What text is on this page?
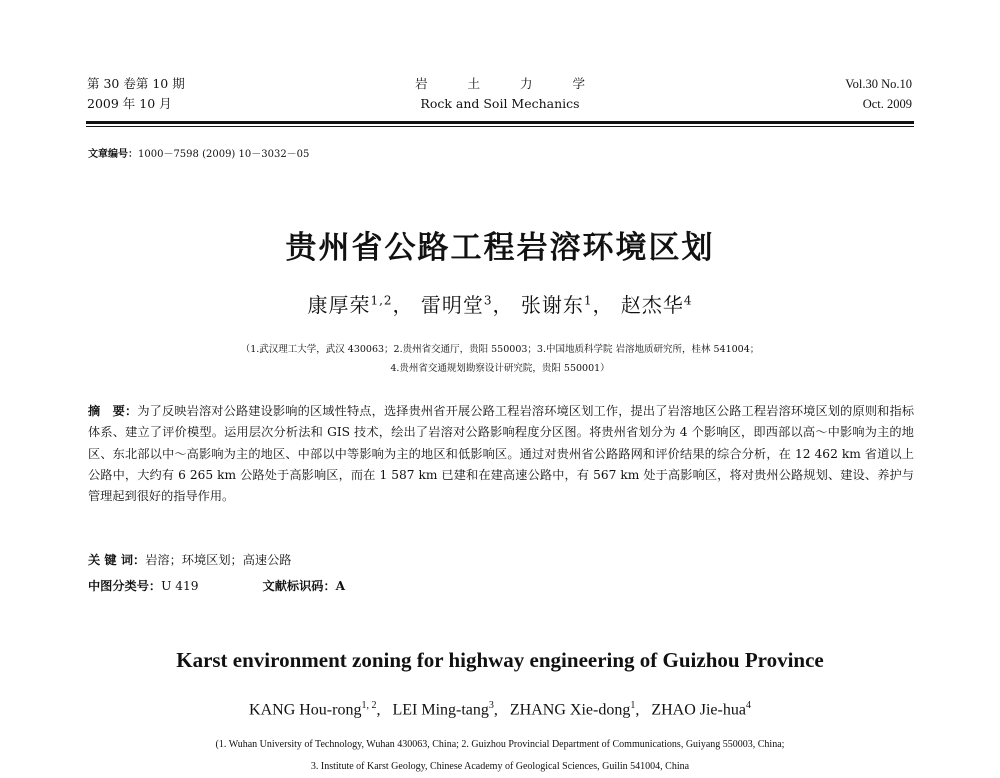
第 30 卷第 10 期
2009 年 10 月
岩 土 力 学
Rock and Soil Mechanics
Vol.30 No.10
Oct. 2009
文章编号：1000－7598 (2009) 10－3032－05
贵州省公路工程岩溶环境区划
康厚荣$^{1,2}$， 雷明堂$^3$， 张谢东$^1$， 赵杰华$^4$
（1.武汉理工大学，武汉 430063；2.贵州省交通厅，贵阳 550003；3.中国地质科学院 岩溶地质研究所，桂林 541004；
4.贵州省交通规划勘察设计研究院，贵阳 550001）
摘　要：为了反映岩溶对公路建设影响的区域性特点，选择贵州省开展公路工程岩溶环境区划工作，提出了岩溶地区公路工程岩溶环境区划的原则和指标体系、建立了评价模型。运用层次分析法和 GIS 技术，绘出了岩溶对公路影响程度分区图。将贵州省划分为 4 个影响区，即西部以高～中影响为主的地区、东北部以中～高影响为主的地区、中部以中等影响为主的地区和低影响区。通过对贵州省公路路网和评价结果的综合分析，在 12 462 km 省道以上公路中，大约有 6 265 km 公路处于高影响区，而在 1 587 km 已建和在建高速公路中，有 567 km 处于高影响区，将对贵州公路规划、建设、养护与管理起到很好的指导作用。
关 键 词：岩溶；环境区划；高速公路
中图分类号：U 419	文献标识码：A
Karst environment zoning for highway engineering of Guizhou Province
KANG Hou-rong$^{1, 2}$,   LEI Ming-tang$^3$,   ZHANG Xie-dong$^1$,   ZHAO Jie-hua$^4$
(1. Wuhan University of Technology, Wuhan 430063, China; 2. Guizhou Provincial Department of Communications, Guiyang 550003, China;
3. Institute of Karst Geology, Chinese Academy of Geological Sciences, Guilin 541004, China
